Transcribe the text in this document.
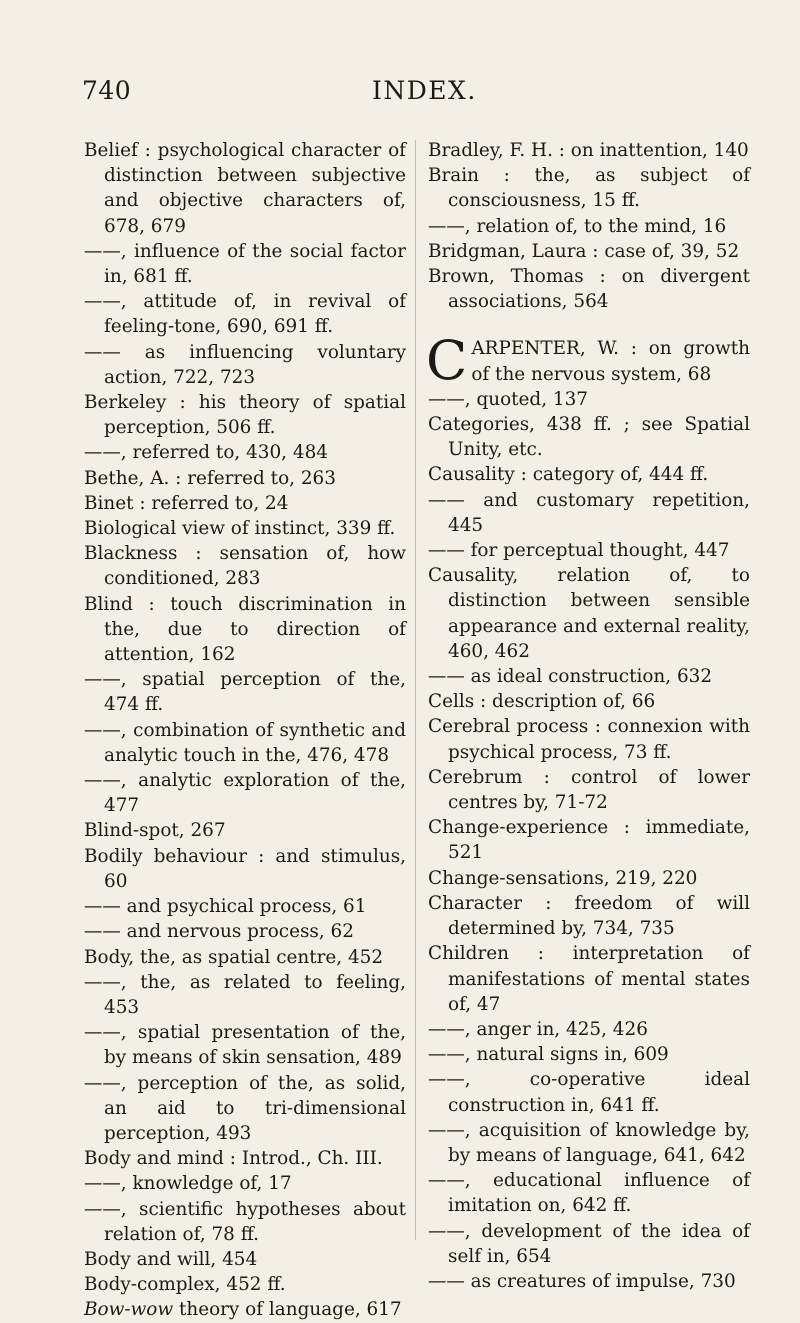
740	INDEX.

Belief : psychological character of distinction between subjective and objective characters of, 678, 679

——, influence of the social factor in, 681 ff.

——, attitude of, in revival of feeling-tone, 690, 691 ff.

—— as influencing voluntary action, 722, 723

Berkeley : his theory of spatial perception, 506 ff.

——, referred to, 430, 484

Bethe, A. : referred to, 263

Binet : referred to, 24

Biological view of instinct, 339 ff.

Blackness : sensation of, how conditioned, 283

Blind : touch discrimination in the, due to direction of attention, 162

——, spatial perception of the, 474 ff.

——, combination of synthetic and analytic touch in the, 476, 478

——, analytic exploration of the, 477

Blind-spot, 267

Bodily behaviour : and stimulus, 60

—— and psychical process, 61

—— and nervous process, 62

Body, the, as spatial centre, 452

——, the, as related to feeling, 453

——, spatial presentation of the, by means of skin sensation, 489

——, perception of the, as solid, an aid to tri-dimensional perception, 493

Body and mind : Introd., Ch. III.

——, knowledge of, 17

——, scientific hypotheses about relation of, 78 ff.

Body and will, 454

Body-complex, 452 ff.

Bow-wow theory of language, 617

Bradley, F. H. : on inattention, 140

Brain : the, as subject of consciousness, 15 ff.

——, relation of, to the mind, 16

Bridgman, Laura : case of, 39, 52

Brown, Thomas : on divergent associations, 564

CARPENTER, W. : on growth of the nervous system, 68

——, quoted, 137

Categories, 438 ff. ; see Spatial Unity, etc.

Causality : category of, 444 ff.

—— and customary repetition, 445

—— for perceptual thought, 447

Causality, relation of, to distinction between sensible appearance and external reality, 460, 462

—— as ideal construction, 632

Cells : description of, 66

Cerebral process : connexion with psychical process, 73 ff.

Cerebrum : control of lower centres by, 71-72

Change-experience : immediate, 521

Change-sensations, 219, 220

Character : freedom of will determined by, 734, 735

Children : interpretation of manifestations of mental states of, 47

——, anger in, 425, 426

——, natural signs in, 609

——, co-operative ideal construction in, 641 ff.

——, acquisition of knowledge by, by means of language, 641, 642

——, educational influence of imitation on, 642 ff.

——, development of the idea of self in, 654

—— as creatures of impulse, 730
